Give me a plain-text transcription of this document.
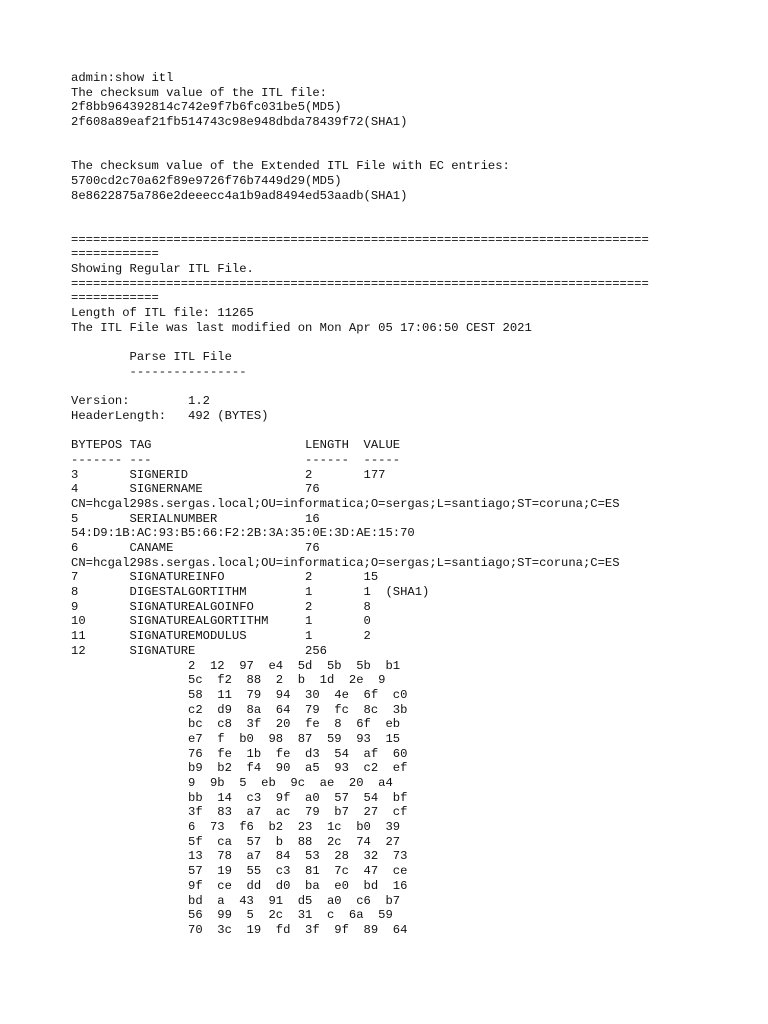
admin:show itl
The checksum value of the ITL file:
2f8bb964392814c742e9f7b6fc031be5(MD5)
2f608a89eaf21fb514743c98e948dbda78439f72(SHA1)
The checksum value of the Extended ITL File with EC entries:
5700cd2c70a62f89e9726f76b7449d29(MD5)
8e8622875a786e2deeecc4a1b9ad8494ed53aadb(SHA1)
===============================================================================
============
Showing Regular ITL File.
===============================================================================
============
Length of ITL file: 11265
The ITL File was last modified on Mon Apr 05 17:06:50 CEST 2021
Parse ITL File
----------------
Version:        1.2
HeaderLength:   492 (BYTES)
BYTEPOS TAG                     LENGTH  VALUE
------- ---                     ------  -----
3       SIGNERID                2       177
4       SIGNERNAME              76
CN=hcgal298s.sergas.local;OU=informatica;O=sergas;L=santiago;ST=coruna;C=ES
5       SERIALNUMBER            16
54:D9:1B:AC:93:B5:66:F2:2B:3A:35:0E:3D:AE:15:70
6       CANAME                  76
CN=hcgal298s.sergas.local;OU=informatica;O=sergas;L=santiago;ST=coruna;C=ES
7       SIGNATUREINFO           2       15
8       DIGESTALGORTITHM        1       1  (SHA1)
9       SIGNATUREALGOINFO       2       8
10      SIGNATUREALGORTITHM     1       0
11      SIGNATUREMODULUS        1       2
12      SIGNATURE               256
2  12  97  e4  5d  5b  5b  b1
5c  f2  88  2  b  1d  2e  9
58  11  79  94  30  4e  6f  c0
c2  d9  8a  64  79  fc  8c  3b
bc  c8  3f  20  fe  8  6f  eb
e7  f  b0  98  87  59  93  15
76  fe  1b  fe  d3  54  af  60
b9  b2  f4  90  a5  93  c2  ef
9  9b  5  eb  9c  ae  20  a4
bb  14  c3  9f  a0  57  54  bf
3f  83  a7  ac  79  b7  27  cf
6  73  f6  b2  23  1c  b0  39
5f  ca  57  b  88  2c  74  27
13  78  a7  84  53  28  32  73
57  19  55  c3  81  7c  47  ce
9f  ce  dd  d0  ba  e0  bd  16
bd  a  43  91  d5  a0  c6  b7
56  99  5  2c  31  c  6a  59
70  3c  19  fd  3f  9f  89  64
